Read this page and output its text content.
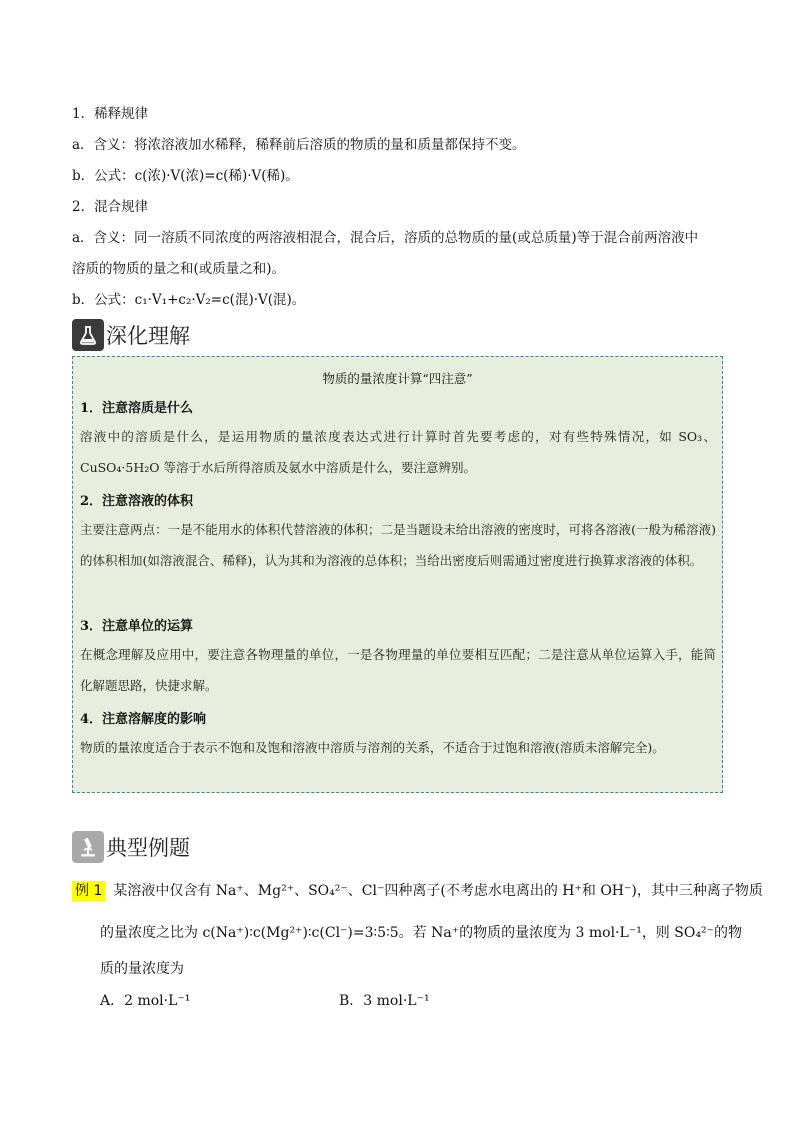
1．稀释规律
a．含义：将浓溶液加水稀释，稀释前后溶质的物质的量和质量都保持不变。
b．公式：c(浓)·V(浓)=c(稀)·V(稀)。
2．混合规律
a．含义：同一溶质不同浓度的两溶液相混合，混合后，溶质的总物质的量(或总质量)等于混合前两溶液中
溶质的物质的量之和(或质量之和)。
b．公式：c₁·V₁+c₂·V₂=c(混)·V(混)。
深化理解
物质的量浓度计算“四注意”
1．注意溶质是什么
溶液中的溶质是什么，是运用物质的量浓度表达式进行计算时首先要考虑的，对有些特殊情况，如 SO₃、CuSO₄·5H₂O 等溶于水后所得溶质及氨水中溶质是什么，要注意辨别。
2．注意溶液的体积
主要注意两点：一是不能用水的体积代替溶液的体积；二是当题设未给出溶液的密度时，可将各溶液(一般为稀溶液)的体积相加(如溶液混合、稀释)，认为其和为溶液的总体积；当给出密度后则需通过密度进行换算求溶液的体积。
3．注意单位的运算
在概念理解及应用中，要注意各物理量的单位，一是各物理量的单位要相互匹配；二是注意从单位运算入手，能简化解题思路，快捷求解。
4．注意溶解度的影响
物质的量浓度适合于表示不饱和及饱和溶液中溶质与溶剂的关系，不适合于过饱和溶液(溶质未溶解完全)。
典型例题
例 1 某溶液中仅含有 Na⁺、Mg²⁺、SO₄²⁻、Cl⁻四种离子(不考虑水电离出的 H⁺和 OH⁻)，其中三种离子物质
的量浓度之比为 c(Na⁺)∶c(Mg²⁺)∶c(Cl⁻)=3∶5∶5。若 Na⁺的物质的量浓度为 3 mol·L⁻¹，则 SO₄²⁻的物
质的量浓度为
A．2 mol·L⁻¹	B．3 mol·L⁻¹
